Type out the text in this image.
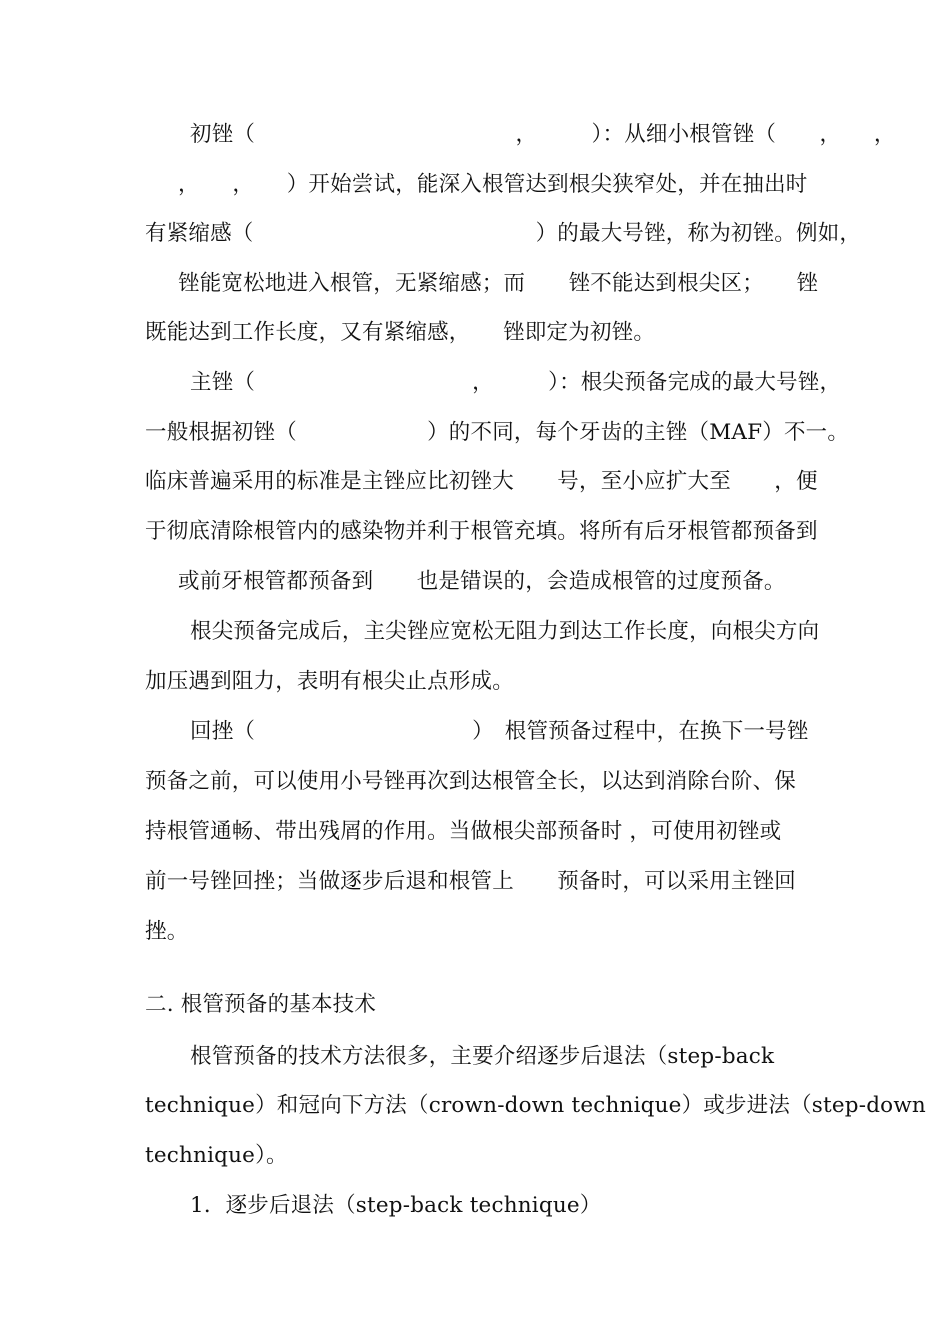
初锉（　　　　　　　　　　　　，　　　）：从细小根管锉（　　，　　，
，　　，　　）开始尝试，能深入根管达到根尖狭窄处，并在抽出时
有紧缩感（　　　　　　　　　　　　　）的最大号锉，称为初锉。例如，
锉能宽松地进入根管，无紧缩感；而　　锉不能达到根尖区；　　锉
既能达到工作长度，又有紧缩感，　　锉即定为初锉。
主锉（　　　　　　　　　　，　　　）：根尖预备完成的最大号锉，
一般根据初锉（　　　　　　）的不同，每个牙齿的主锉（MAF）不一。
临床普遍采用的标准是主锉应比初锉大　　号，至小应扩大至　　，便
于彻底清除根管内的感染物并利于根管充填。将所有后牙根管都预备到
或前牙根管都预备到　　也是错误的，会造成根管的过度预备。
根尖预备完成后，主尖锉应宽松无阻力到达工作长度，向根尖方向
加压遇到阻力，表明有根尖止点形成。
回挫（　　　　　　　　　　）　根管预备过程中，在换下一号锉
预备之前，可以使用小号锉再次到达根管全长，以达到消除台阶、保
持根管通畅、带出残屑的作用。当做根尖部预备时 ，可使用初锉或
前一号锉回挫；当做逐步后退和根管上　　预备时，可以采用主锉回
挫。
二. 根管预备的基本技术
根管预备的技术方法很多，主要介绍逐步后退法（step-back
technique）和冠向下方法（crown-down technique）或步进法（step-down
technique）。
1．逐步后退法（step-back technique）
